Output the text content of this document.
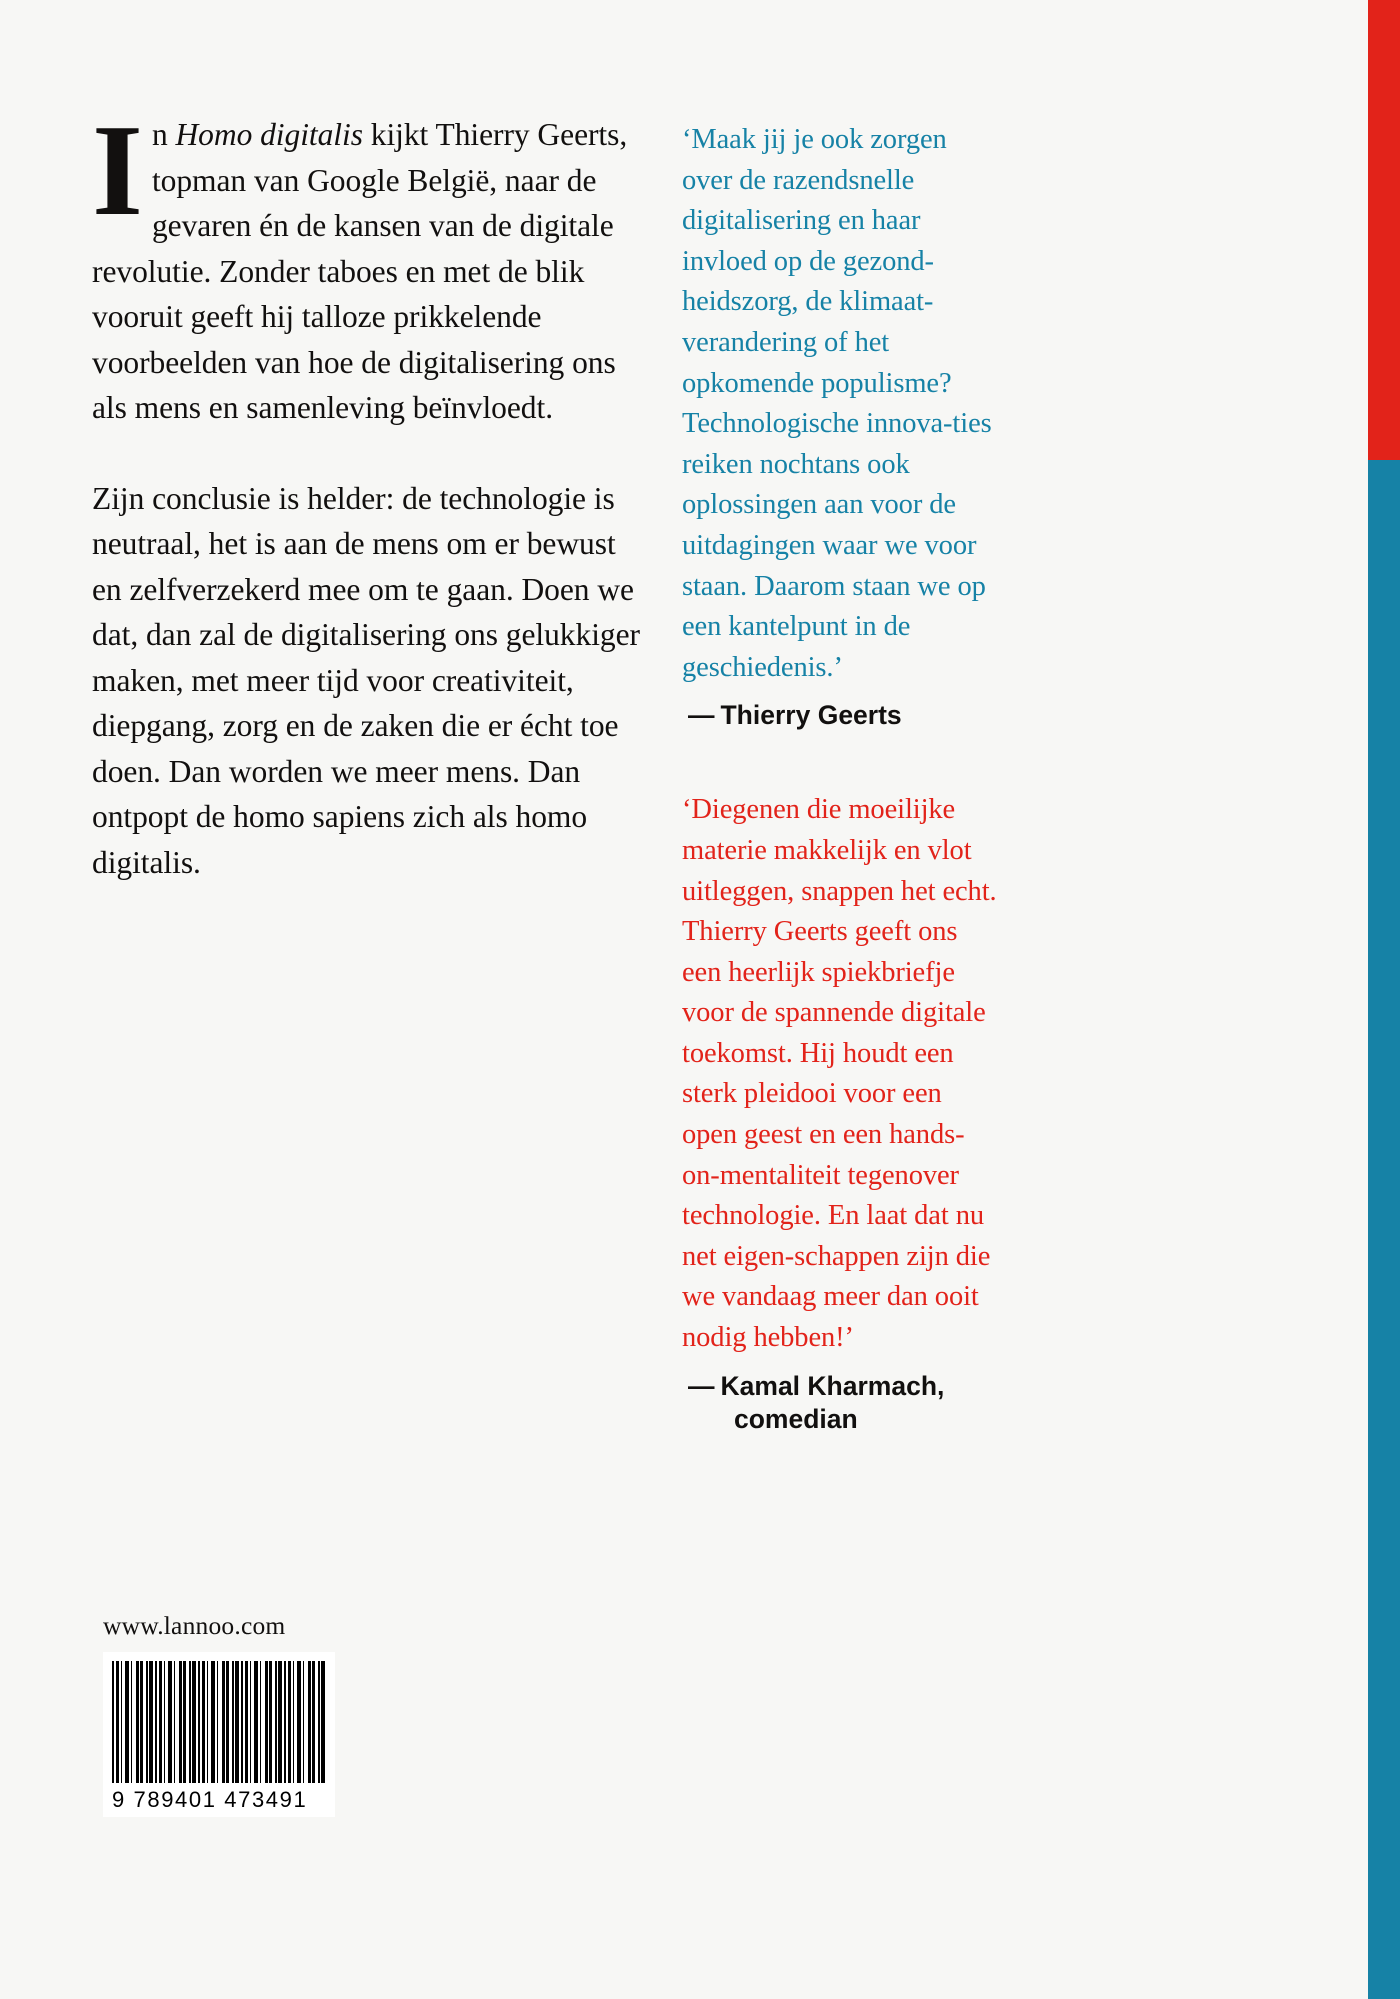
In Homo digitalis kijkt Thierry Geerts, topman van Google België, naar de gevaren én de kansen van de digitale revolutie. Zonder taboes en met de blik vooruit geeft hij talloze prikkelende voorbeelden van hoe de digitalisering ons als mens en samenleving beïnvloedt.

Zijn conclusie is helder: de technologie is neutraal, het is aan de mens om er bewust en zelfverzekerd mee om te gaan. Doen we dat, dan zal de digitalisering ons gelukkiger maken, met meer tijd voor creativiteit, diepgang, zorg en de zaken die er écht toe doen. Dan worden we meer mens. Dan ontpopt de homo sapiens zich als homo digitalis.

www.lannoo.com
9 789401 473491
‘Maak jij je ook zorgen over de razendsnelle digitalisering en haar invloed op de gezond-heidszorg, de klimaat-verandering of het opkomende populisme? Technologische innova-ties reiken nochtans ook oplossingen aan voor de uitdagingen waar we voor staan. Daarom staan we op een kantelpunt in de geschiedenis.’
— Thierry Geerts
‘Diegenen die moeilijke materie makkelijk en vlot uitleggen, snappen het echt. Thierry Geerts geeft ons een heerlijk spiekbriefje voor de spannende digitale toekomst. Hij houdt een sterk pleidooi voor een open geest en een hands-on-mentaliteit tegenover technologie. En laat dat nu net eigen-schappen zijn die we vandaag meer dan ooit nodig hebben!’
— Kamal Kharmach,
comedian
